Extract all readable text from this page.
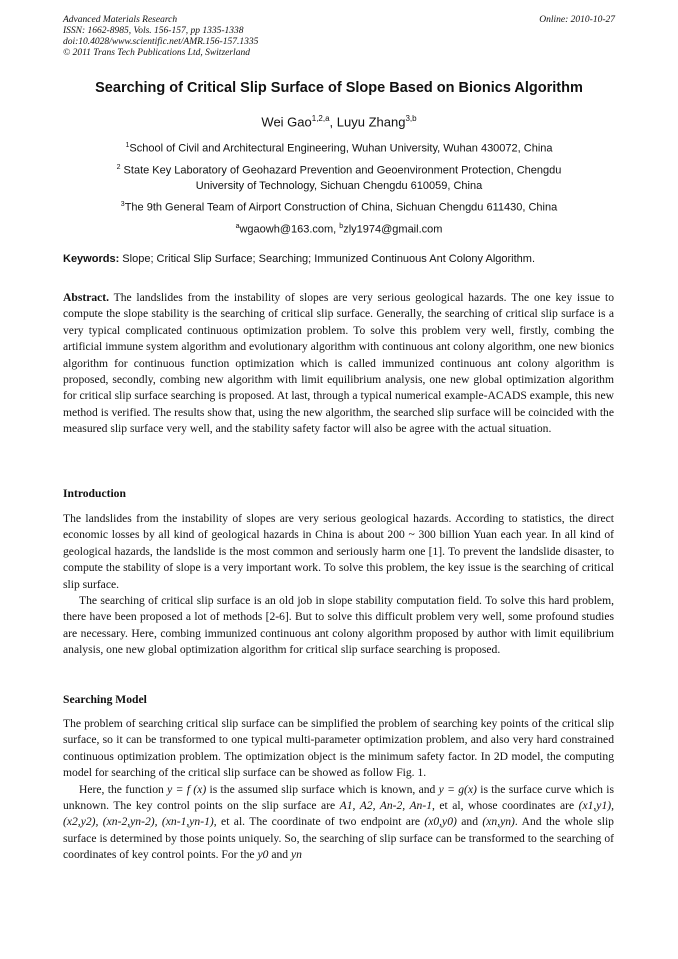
Advanced Materials Research
ISSN: 1662-8985, Vols. 156-157, pp 1335-1338
doi:10.4028/www.scientific.net/AMR.156-157.1335
© 2011 Trans Tech Publications Ltd, Switzerland
Online: 2010-10-27
Searching of Critical Slip Surface of Slope Based on Bionics Algorithm
Wei Gao$^{1,2,a}$, Luyu Zhang$^{3,b}$
$^1$School of Civil and Architectural Engineering, Wuhan University, Wuhan 430072, China
$^2$ State Key Laboratory of Geohazard Prevention and Geoenvironment Protection, Chengdu
University of Technology, Sichuan Chengdu 610059, China
$^3$The 9th General Team of Airport Construction of China, Sichuan Chengdu 611430, China
$^a$wgaowh@163.com, $^b$zly1974@gmail.com
Keywords: Slope; Critical Slip Surface; Searching; Immunized Continuous Ant Colony Algorithm.

Abstract. The landslides from the instability of slopes are very serious geological hazards. The one key issue to compute the slope stability is the searching of critical slip surface. Generally, the searching of critical slip surface is a very typical complicated continuous optimization problem. To solve this problem very well, firstly, combing the artificial immune system algorithm and evolutionary algorithm with continuous ant colony algorithm, one new bionics algorithm for continuous function optimization which is called immunized continuous ant colony algorithm is proposed, secondly, combing new algorithm with limit equilibrium analysis, one new global optimization algorithm for critical slip surface searching is proposed. At last, through a typical numerical example-ACADS example, this new method is verified. The results show that, using the new algorithm, the searched slip surface will be coincided with the measured slip surface very well, and the stability safety factor will also be agree with the actual situation.

Introduction

The landslides from the instability of slopes are very serious geological hazards. According to statistics, the direct economic losses by all kind of geological hazards in China is about 200 ~ 300 billion Yuan each year. In all kind of geological hazards, the landslide is the most common and seriously harm one [1]. To prevent the landslide disaster, to compute the stability of slope is a very important work. To solve this problem, the key issue is the searching of critical slip surface.

The searching of critical slip surface is an old job in slope stability computation field. To solve this hard problem, there have been proposed a lot of methods [2-6]. But to solve this difficult problem very well, some profound studies are necessary. Here, combing immunized continuous ant colony algorithm proposed by author with limit equilibrium analysis, one new global optimization algorithm for critical slip surface searching is proposed.

Searching Model

The problem of searching critical slip surface can be simplified the problem of searching key points of the critical slip surface, so it can be transformed to one typical multi-parameter optimization problem, and also very hard constrained continuous optimization problem. The optimization object is the minimum safety factor. In 2D model, the computing model for searching of the critical slip surface can be showed as follow Fig. 1.

Here, the function y = f (x) is the assumed slip surface which is known, and y = g(x) is the surface curve which is unknown. The key control points on the slip surface are A1, A2, An-2, An-1, et al, whose coordinates are (x1,y1), (x2,y2), (xn-2,yn-2), (xn-1,yn-1), et al. The coordinate of two endpoint are (x0,y0) and (xn,yn). And the whole slip surface is determined by those points uniquely. So, the searching of slip surface can be transformed to the searching of coordinates of key control points. For the y0 and yn
